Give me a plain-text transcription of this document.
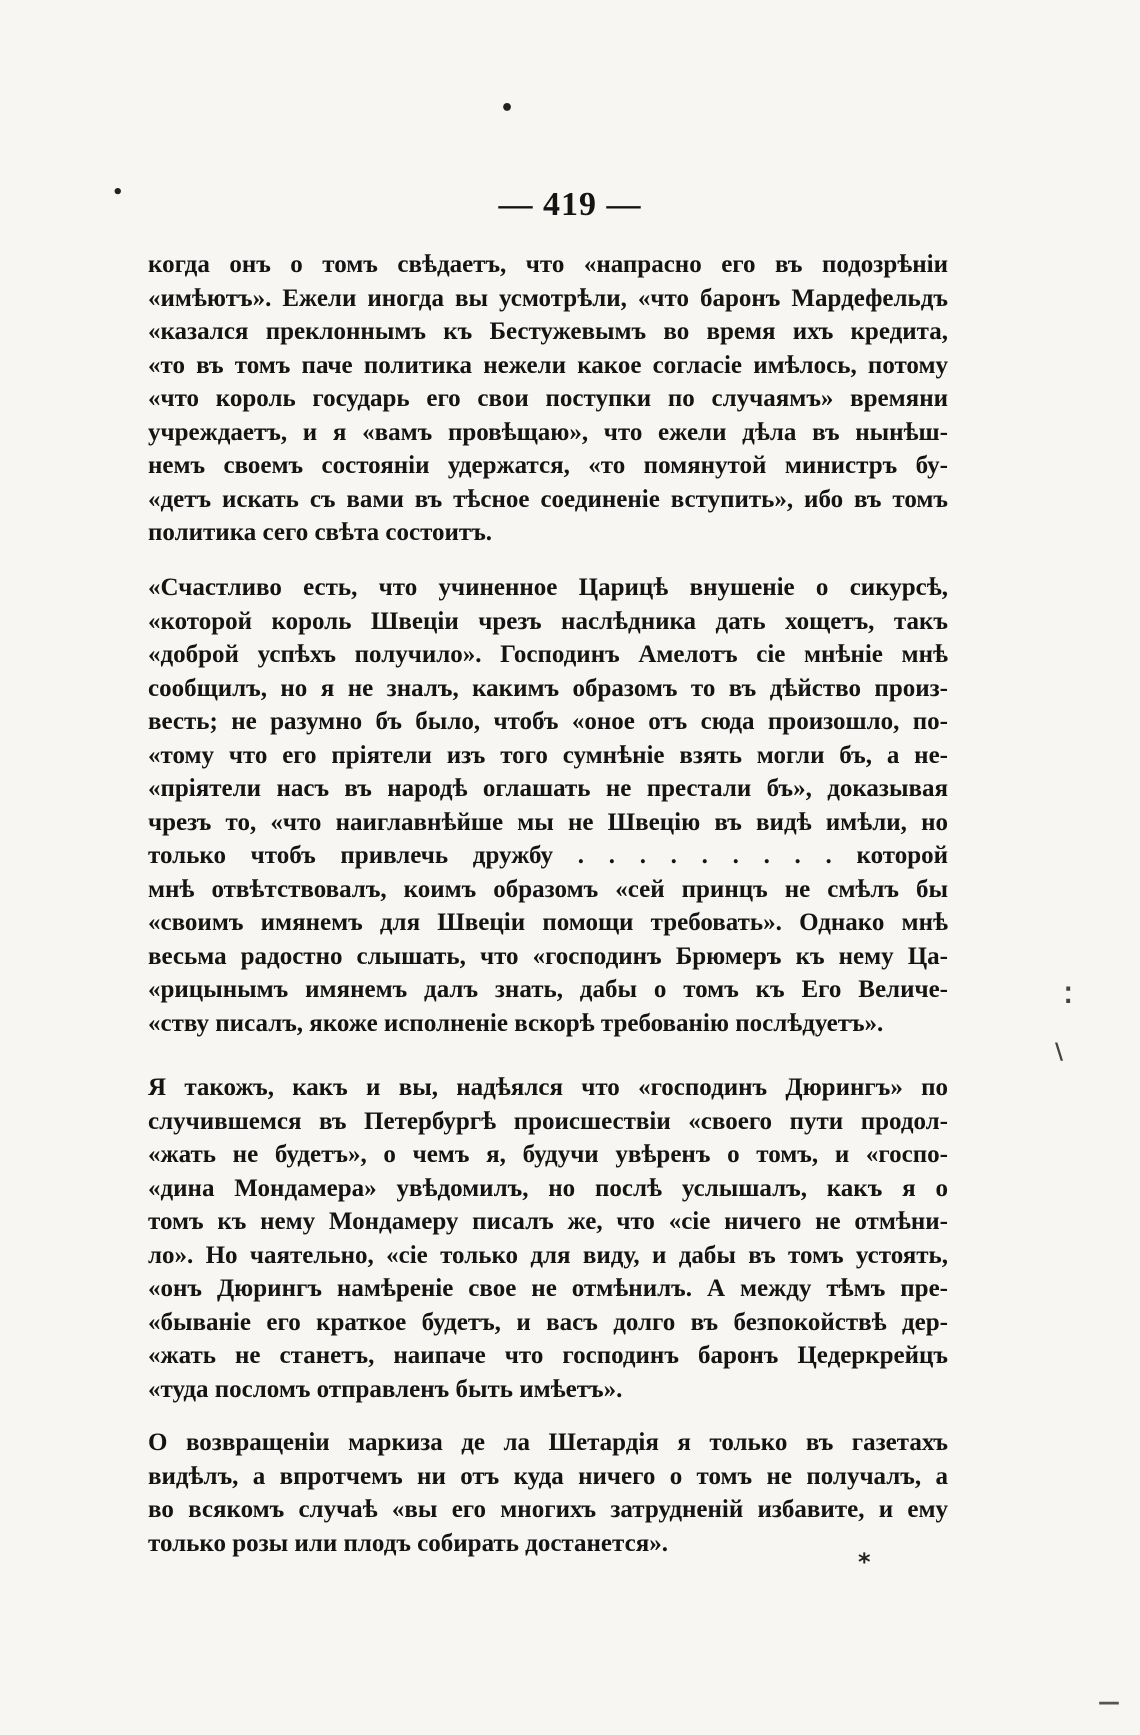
•
•
⁚
\
—
— 419 —
когда онъ о томъ свѣдаетъ, что «напрасно его въ подозрѣніи
«имѣютъ». Ежели иногда вы усмотрѣли, «что баронъ Мардефельдъ
«казался преклоннымъ къ Бестужевымъ во время ихъ кредита,
«то въ томъ паче политика нежели какое согласіе имѣлось, потому
«что король государь его свои поступки по случаямъ» времяни
учреждаетъ, и я «вамъ провѣщаю», что ежели дѣла въ нынѣш-
немъ своемъ состояніи удержатся, «то помянутой министръ бу-
«детъ искать съ вами въ тѣсное соединеніе вступить», ибо въ томъ
политика сего свѣта состоитъ.
«Счастливо есть, что учиненное Царицѣ внушеніе о сикурсѣ,
«которой король Швеціи чрезъ наслѣдника дать хощетъ, такъ
«доброй успѣхъ получило». Господинъ Амелотъ сіе мнѣніе мнѣ
сообщилъ, но я не зналъ, какимъ образомъ то въ дѣйство произ-
весть; не разумно бъ было, чтобъ «оное отъ сюда произошло, по-
«тому что его пріятели изъ того сумнѣніе взять могли бъ, а не-
«пріятели насъ въ народѣ оглашать не престали бъ», доказывая
чрезъ то, «что наиглавнѣйше мы не Швецію въ видѣ имѣли, но
только чтобъ привлечь дружбу . . . . . . . . . которой
мнѣ отвѣтствовалъ, коимъ образомъ «сей принцъ не смѣлъ бы
«своимъ имянемъ для Швеціи помощи требовать». Однако мнѣ
весьма радостно слышать, что «господинъ Брюмеръ къ нему Ца-
«рицынымъ имянемъ далъ знать, дабы о томъ къ Его Величе-
«ству писалъ, якоже исполненіе вскорѣ требованію послѣдуетъ».
Я такожъ, какъ и вы, надѣялся что «господинъ Дюрингъ» по
случившемся въ Петербургѣ происшествіи «своего пути продол-
«жать не будетъ», о чемъ я, будучи увѣренъ о томъ, и «госпо-
«дина Мондамера» увѣдомилъ, но послѣ услышалъ, какъ я о
томъ къ нему Мондамеру писалъ же, что «сіе ничего не отмѣни-
ло». Но чаятельно, «сіе только для виду, и дабы въ томъ устоять,
«онъ Дюрингъ намѣреніе свое не отмѣнилъ. А между тѣмъ пре-
«бываніе его краткое будетъ, и васъ долго въ безпокойствѣ дер-
«жать не станетъ, наипаче что господинъ баронъ Цедеркрейцъ
«туда посломъ отправленъ быть имѣетъ».
О возвращеніи маркиза де ла Шетардія я только въ газетахъ
видѣлъ, а впротчемъ ни отъ куда ничего о томъ не получалъ, а
во всякомъ случаѣ «вы его многихъ затрудненій избавите, и ему
только розы или плодъ собирать достанется».
*
